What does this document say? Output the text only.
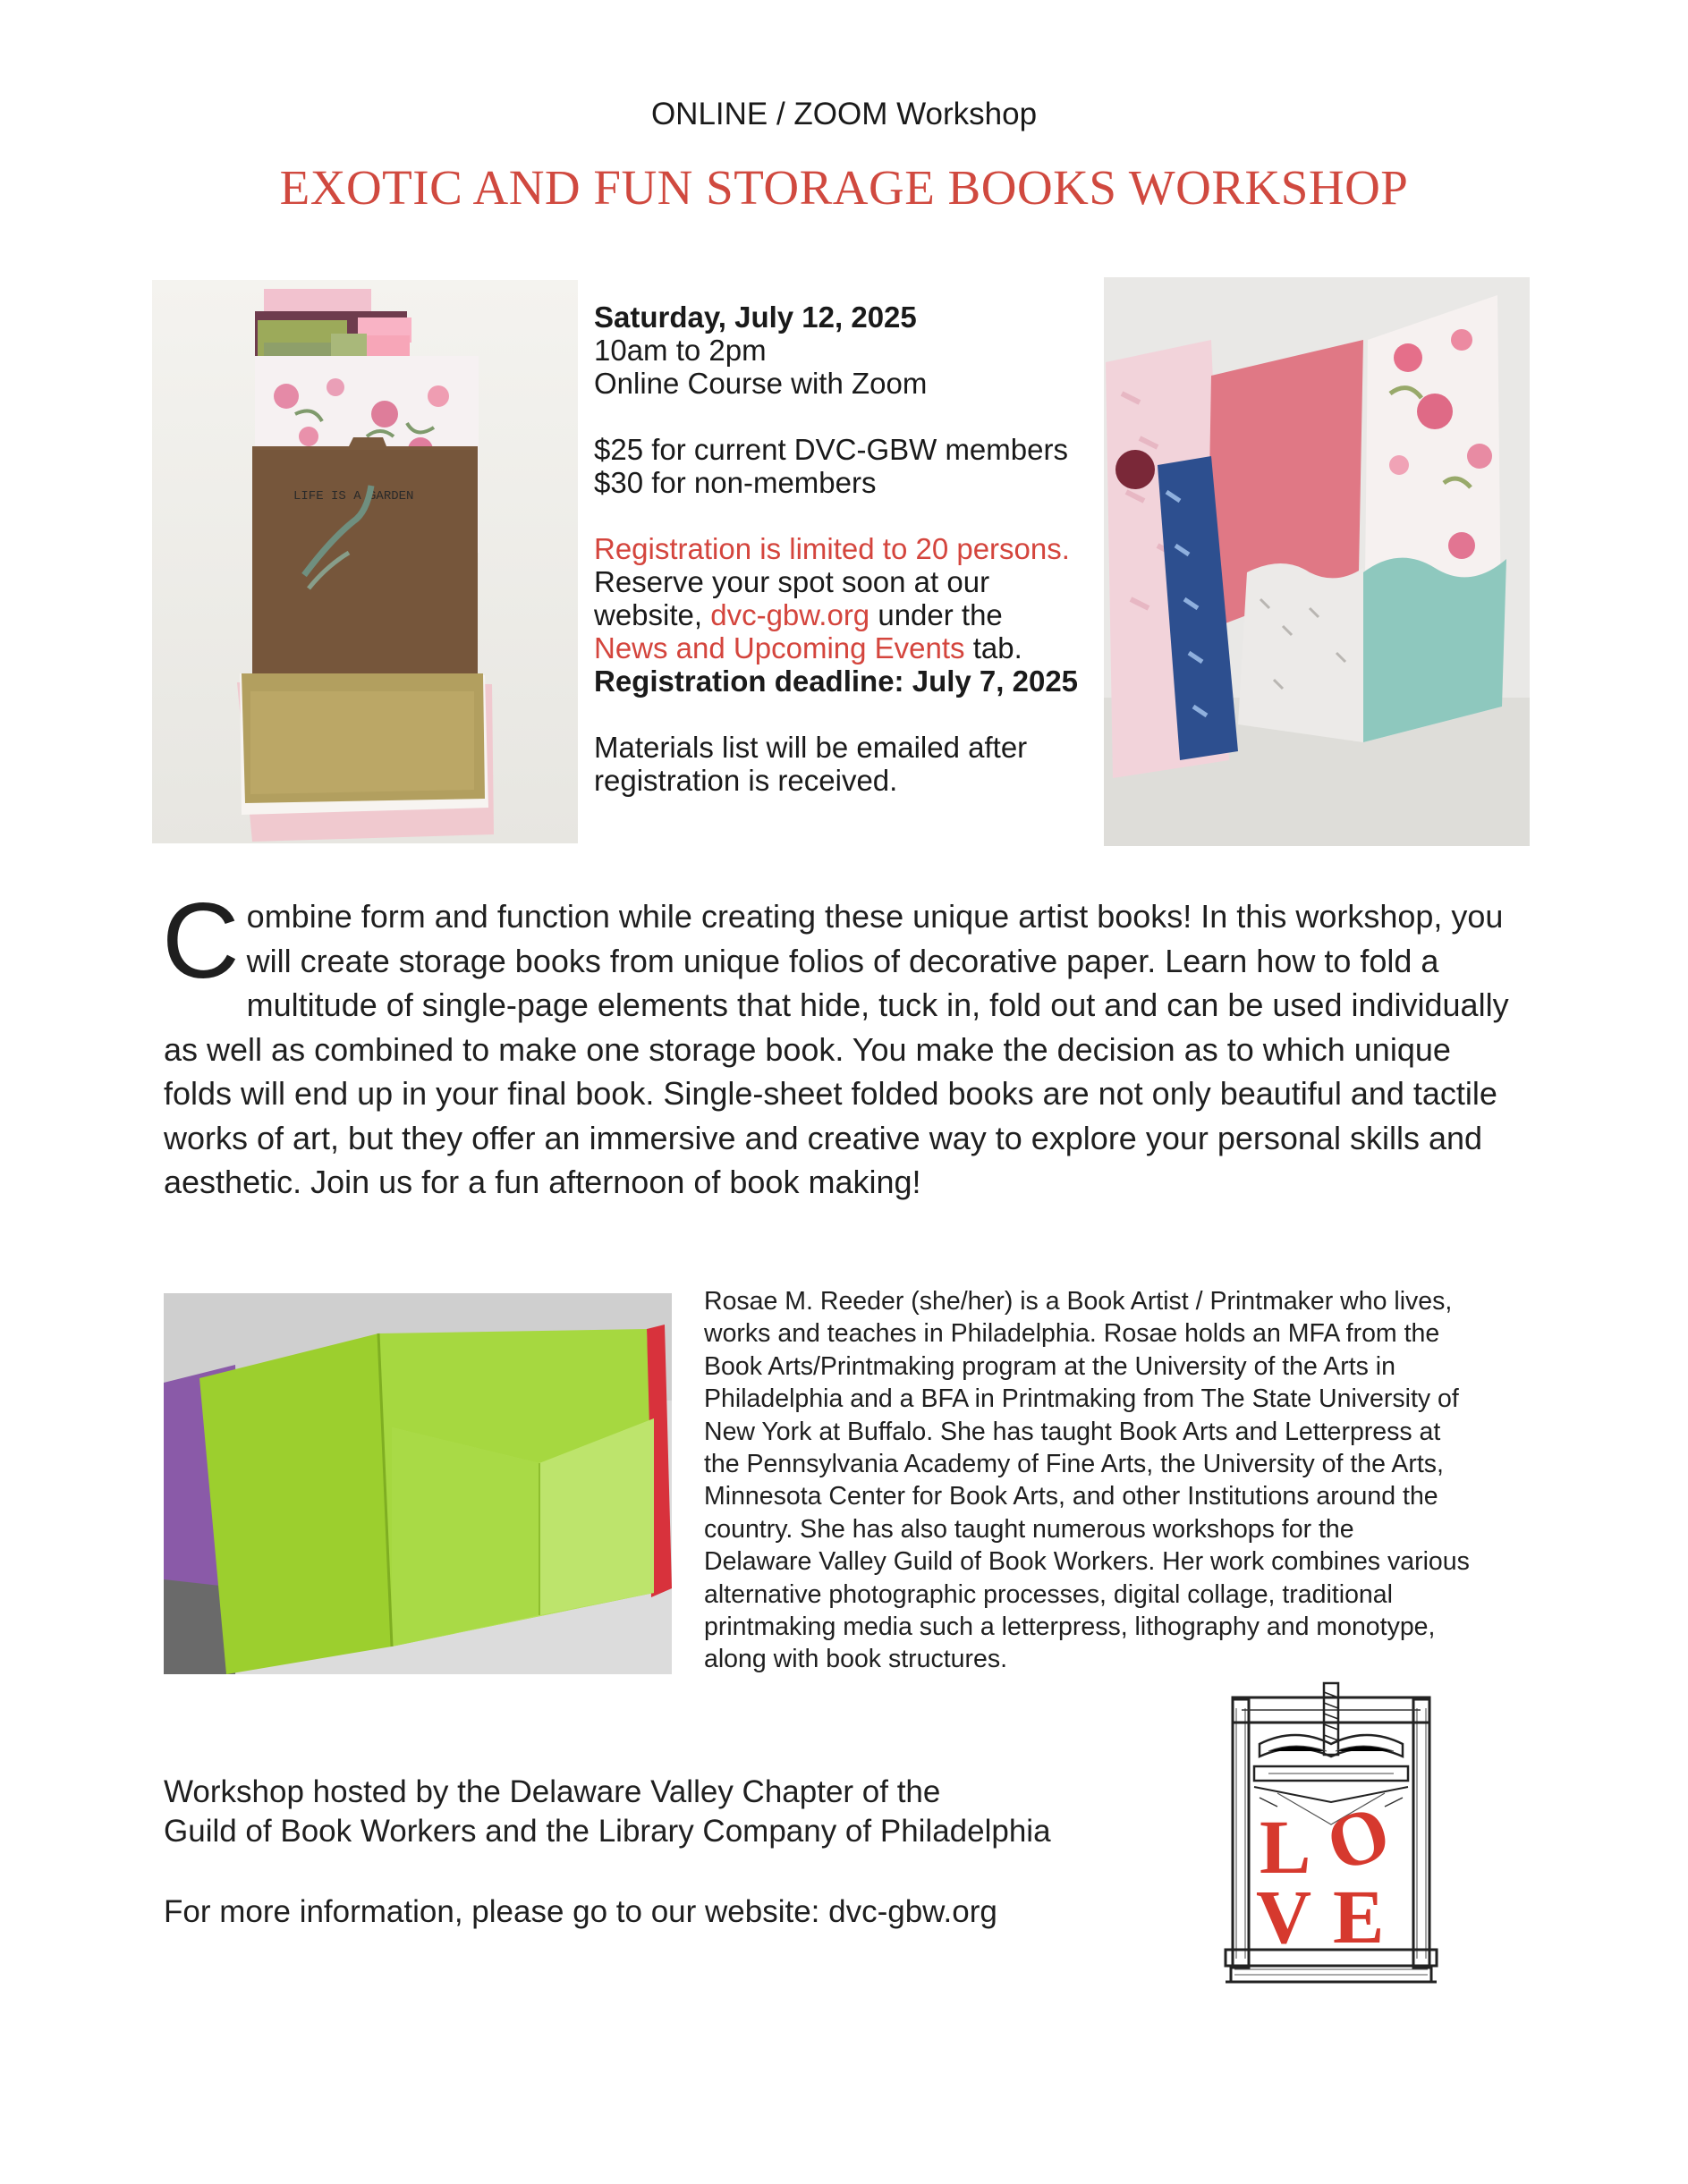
ONLINE / ZOOM Workshop
EXOTIC AND FUN STORAGE BOOKS WORKSHOP
LIFE IS A GARDEN

Saturday, July 12, 2025

10am to 2pm

Online Course with Zoom

$25 for current DVC-GBW members

$30 for non-members

Registration is limited to 20 persons.

Reserve your spot soon at our

website, dvc-gbw.org under the

News and Upcoming Events tab.

Registration deadline: July 7, 2025

Materials list will be emailed after

registration is received.

Combine form and function while creating these unique artist books! In this workshop, you will create storage books from unique folios of decorative paper. Learn how to fold a multitude of single-page elements that hide, tuck in, fold out and can be used individually as well as combined to make one storage book. You make the decision as to which unique folds will end up in your final book. Single-sheet folded books are not only beautiful and tactile works of art, but they offer an immersive and creative way to explore your personal skills and aesthetic. Join us for a fun afternoon of book making!
Rosae M. Reeder (she/her) is a Book Artist / Printmaker who lives,
works and teaches in Philadelphia. Rosae holds an MFA from the
Book Arts/Printmaking program at the University of the Arts in
Philadelphia and a BFA in Printmaking from The State University of
New York at Buffalo. She has taught Book Arts and Letterpress at
the Pennsylvania Academy of Fine Arts, the University of the Arts,
Minnesota Center for Book Arts, and other Institutions around the
country. She has also taught numerous workshops for the
Delaware Valley Guild of Book Workers. Her work combines various
alternative photographic processes, digital collage, traditional
printmaking media such a letterpress, lithography and monotype,
along with book structures.
Workshop hosted by the Delaware Valley Chapter of the
Guild of Book Workers and the Library Company of Philadelphia
For more information, please go to our website: dvc-gbw.org
L O
V E
